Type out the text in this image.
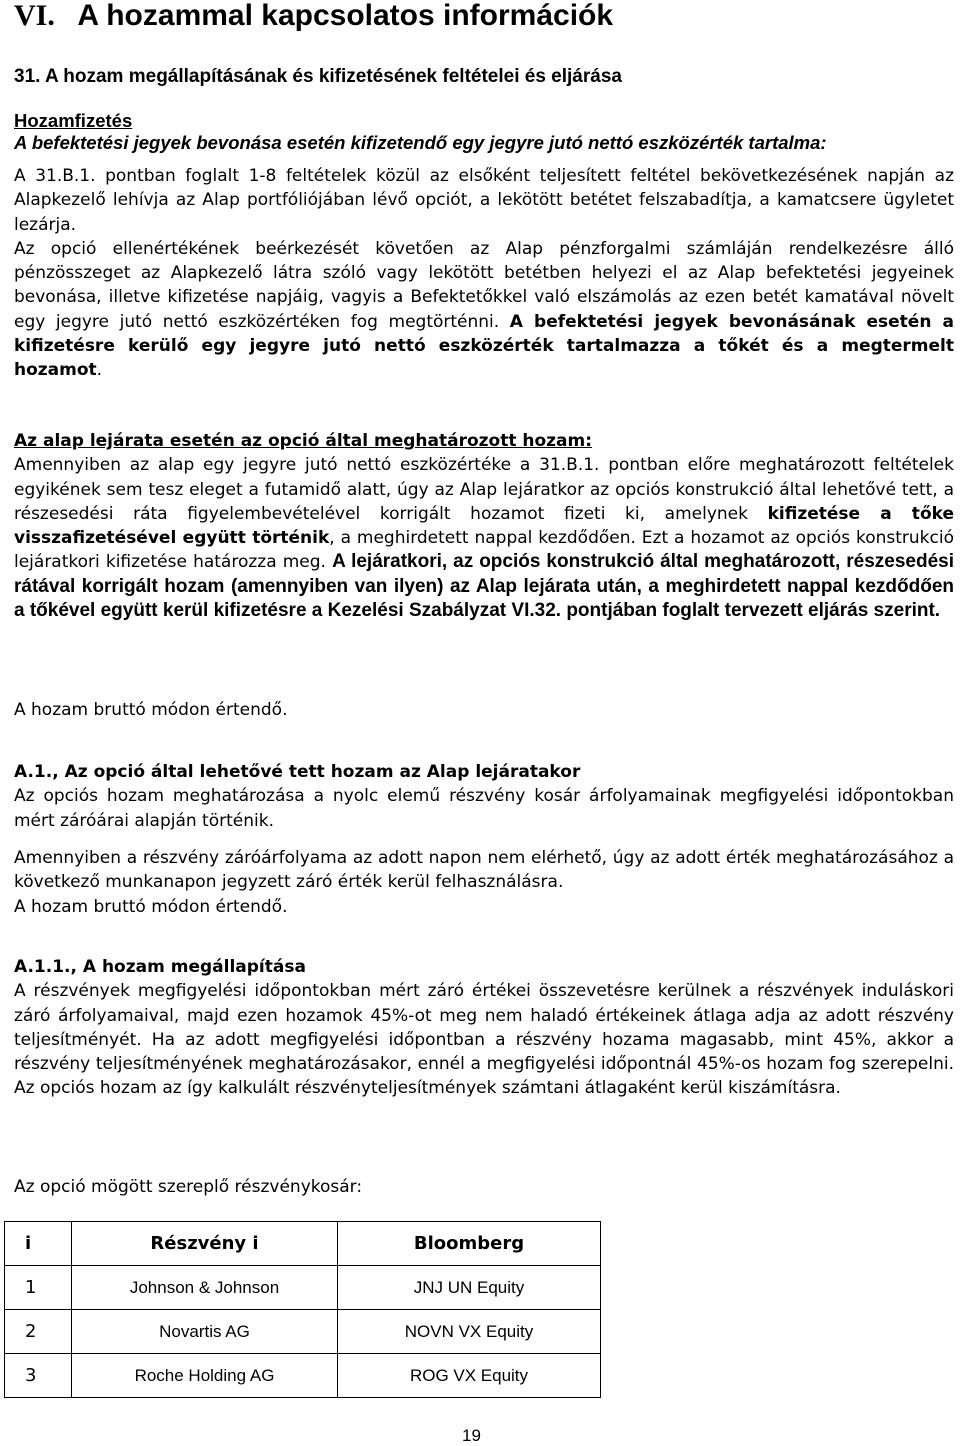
VI. A hozammal kapcsolatos információk
31. A hozam megállapításának és kifizetésének feltételei és eljárása
Hozamfizetés
A befektetési jegyek bevonása esetén kifizetendő egy jegyre jutó nettó eszközérték tartalma:

A 31.B.1. pontban foglalt 1-8 feltételek közül az elsőként teljesített feltétel bekövetkezésének napján az Alapkezelő lehívja az Alap portfóliójában lévő opciót, a lekötött betétet felszabadítja, a kamatcsere ügyletet lezárja.

Az opció ellenértékének beérkezését követően az Alap pénzforgalmi számláján rendelkezésre álló pénzösszeget az Alapkezelő látra szóló vagy lekötött betétben helyezi el az Alap befektetési jegyeinek bevonása, illetve kifizetése napjáig, vagyis a Befektetőkkel való elszámolás az ezen betét kamatával növelt egy jegyre jutó nettó eszközértéken fog megtörténni. A befektetési jegyek bevonásának esetén a kifizetésre kerülő egy jegyre jutó nettó eszközérték tartalmazza a tőkét és a megtermelt hozamot.

Az alap lejárata esetén az opció által meghatározott hozam:

Amennyiben az alap egy jegyre jutó nettó eszközértéke a 31.B.1. pontban előre meghatározott feltételek egyikének sem tesz eleget a futamidő alatt, úgy az Alap lejáratkor az opciós konstrukció által lehetővé tett, a részesedési ráta figyelembevételével korrigált hozamot fizeti ki, amelynek kifizetése a tőke visszafizetésével együtt történik, a meghirdetett nappal kezdődően. Ezt a hozamot az opciós konstrukció lejáratkori kifizetése határozza meg. A lejáratkori, az opciós konstrukció által meghatározott, részesedési rátával korrigált hozam (amennyiben van ilyen) az Alap lejárata után, a meghirdetett nappal kezdődően a tőkével együtt kerül kifizetésre a Kezelési Szabályzat VI.32. pontjában foglalt tervezett eljárás szerint.

A hozam bruttó módon értendő.

A.1., Az opció által lehetővé tett hozam az Alap lejáratakor

Az opciós hozam meghatározása a nyolc elemű részvény kosár árfolyamainak megfigyelési időpontokban mért záróárai alapján történik.

Amennyiben a részvény záróárfolyama az adott napon nem elérhető, úgy az adott érték meghatározásához a következő munkanapon jegyzett záró érték kerül felhasználásra.

A hozam bruttó módon értendő.

A.1.1., A hozam megállapítása

A részvények megfigyelési időpontokban mért záró értékei összevetésre kerülnek a részvények induláskori záró árfolyamaival, majd ezen hozamok 45%-ot meg nem haladó értékeinek átlaga adja az adott részvény teljesítményét. Ha az adott megfigyelési időpontban a részvény hozama magasabb, mint 45%, akkor a részvény teljesítményének meghatározásakor, ennél a megfigyelési időpontnál 45%-os hozam fog szerepelni. Az opciós hozam az így kalkulált részvényteljesítmények számtani átlagaként kerül kiszámításra.

Az opció mögött szereplő részvénykosár:

i	Részvény i	Bloomberg
1	Johnson & Johnson	JNJ UN Equity
2	Novartis AG	NOVN VX Equity
3	Roche Holding AG	ROG VX Equity
19
